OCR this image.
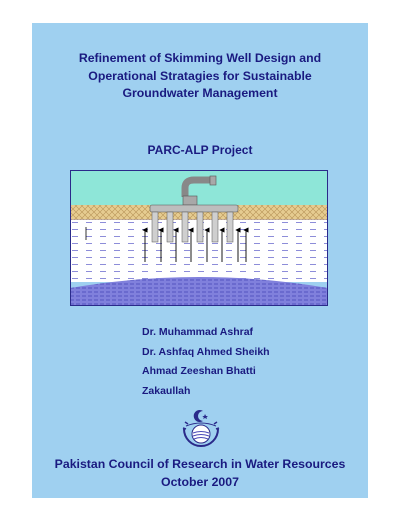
Refinement of Skimming Well Design and
Operational Stratagies for Sustainable
Groundwater Management
PARC-ALP Project
Dr. Muhammad Ashraf
Dr. Ashfaq Ahmed Sheikh
Ahmad Zeeshan Bhatti
Zakaullah
Pakistan Council of Research in Water Resources
October 2007
